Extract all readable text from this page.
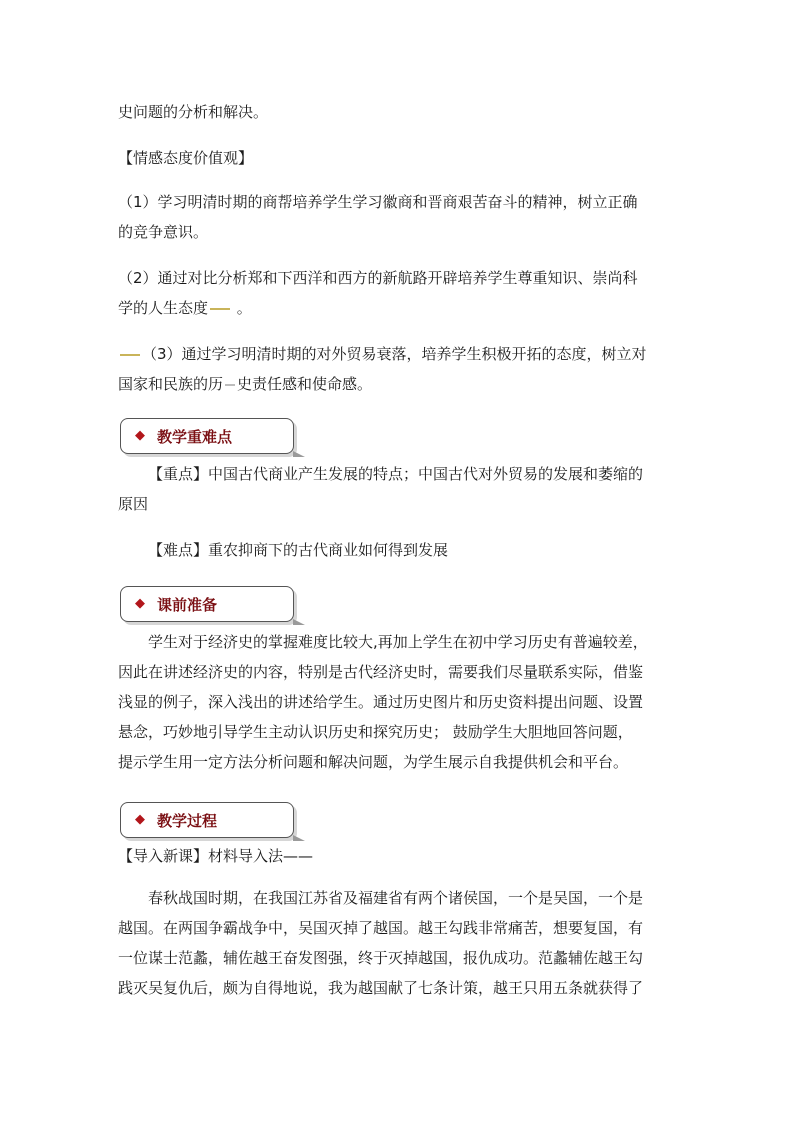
史问题的分析和解决。
【情感态度价值观】
（1）学习明清时期的商帮培养学生学习徽商和晋商艰苦奋斗的精神，树立正确
的竞争意识。
（2）通过对比分析郑和下西洋和西方的新航路开辟培养学生尊重知识、崇尚科
学的人生态度 。
（3）通过学习明清时期的对外贸易衰落，培养学生积极开拓的态度，树立对
国家和民族的历 史责任感和使命感。
◆ 教学重难点
【重点】中国古代商业产生发展的特点；中国古代对外贸易的发展和萎缩的
原因
【难点】重农抑商下的古代商业如何得到发展
◆ 课前准备
学生对于经济史的掌握难度比较大,再加上学生在初中学习历史有普遍较差，
因此在讲述经济史的内容，特别是古代经济史时，需要我们尽量联系实际，借鉴
浅显的例子，深入浅出的讲述给学生。通过历史图片和历史资料提出问题、设置
悬念，巧妙地引导学生主动认识历史和探究历史； 鼓励学生大胆地回答问题，
提示学生用一定方法分析问题和解决问题，为学生展示自我提供机会和平台。
◆ 教学过程
【导入新课】材料导入法——
春秋战国时期，在我国江苏省及福建省有两个诸侯国，一个是吴国，一个是
越国。在两国争霸战争中，吴国灭掉了越国。越王勾践非常痛苦，想要复国，有
一位谋士范蠡，辅佐越王奋发图强，终于灭掉越国，报仇成功。范蠡辅佐越王勾
践灭吴复仇后，颇为自得地说，我为越国献了七条计策，越王只用五条就获得了
